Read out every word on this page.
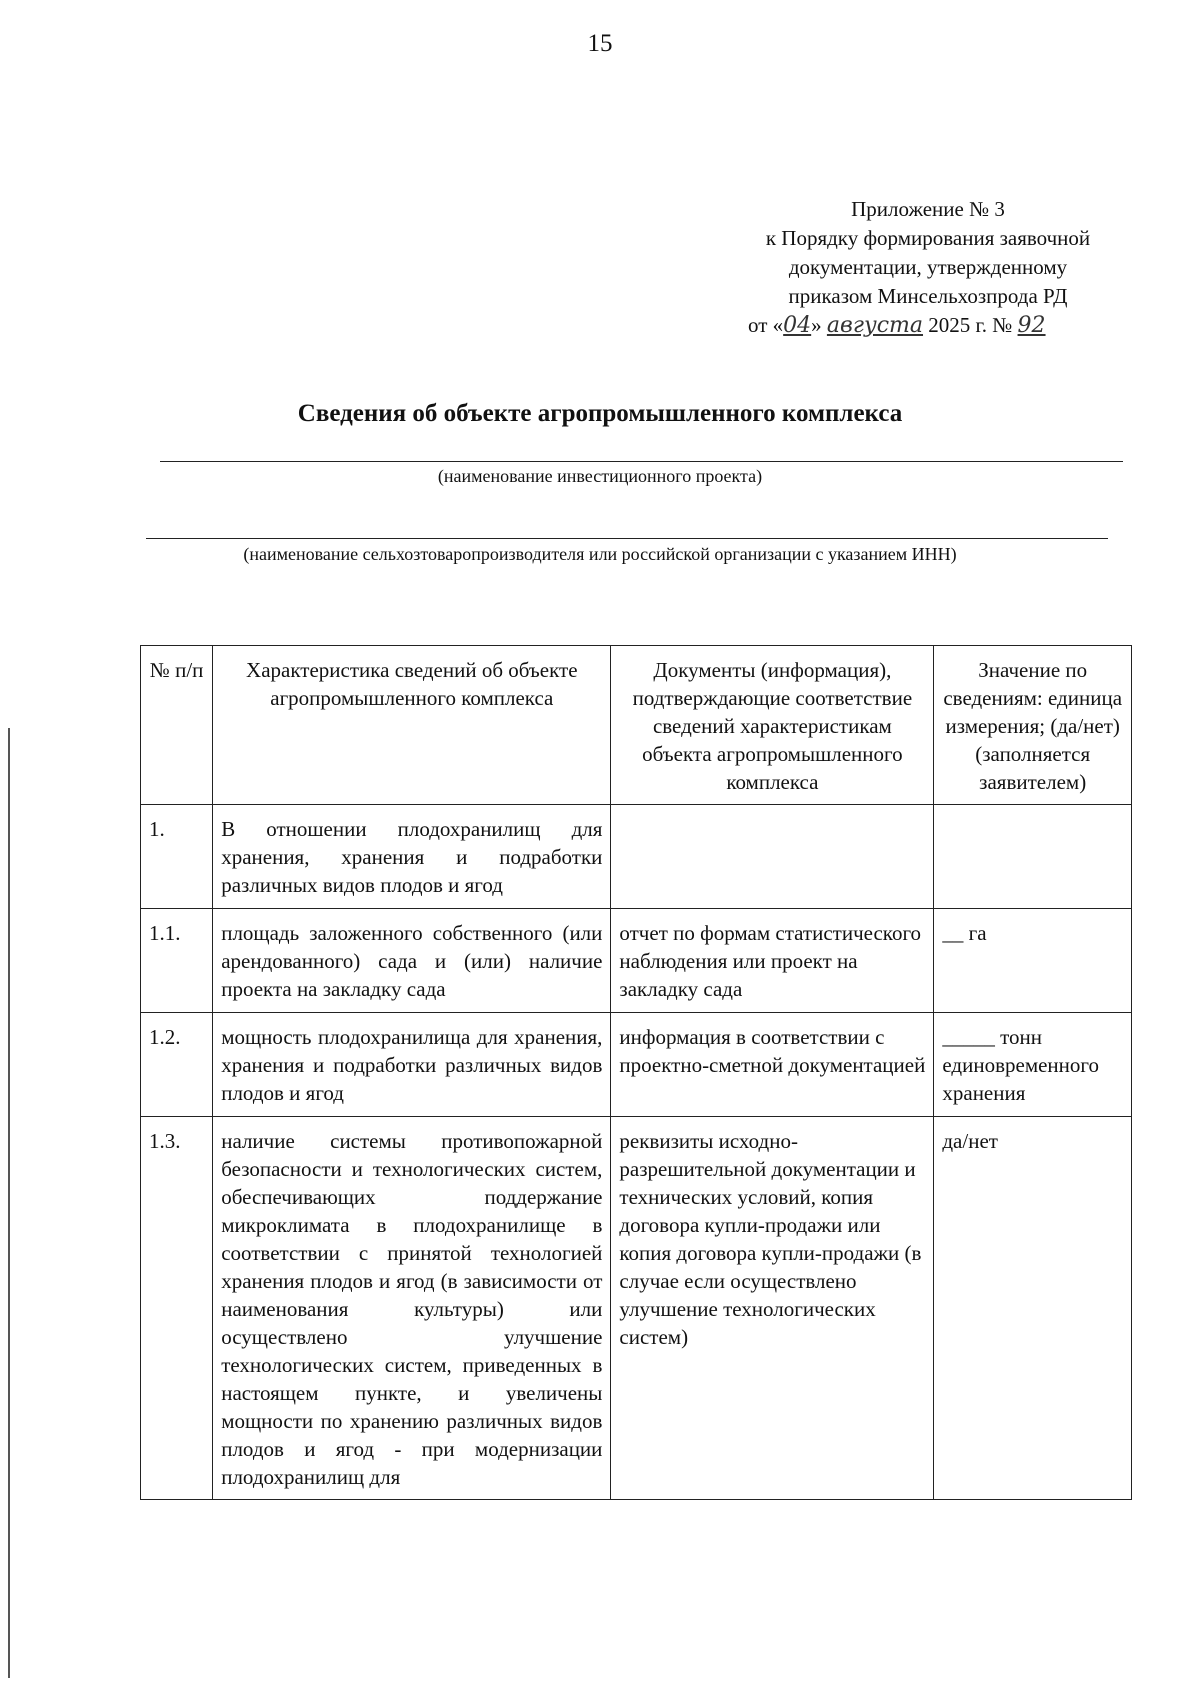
15
Приложение № 3
к Порядку формирования заявочной
документации, утвержденному
приказом Минсельхозпрода РД
от «04» августа 2025 г. № 92
Сведения об объекте агропромышленного комплекса
(наименование инвестиционного проекта)
(наименование сельхозтоваропроизводителя или российской организации с указанием ИНН)
№ п/п	Характеристика сведений об объекте агропромышленного комплекса	Документы (информация), подтверждающие соответствие сведений характеристикам объекта агропромышленного комплекса	Значение по сведениям: единица измерения; (да/нет) (заполняется заявителем)
1.	В отношении плодохранилищ для хранения, хранения и подработки различных видов плодов и ягод		
1.1.	площадь заложенного собственного (или арендованного) сада и (или) наличие проекта на закладку сада	отчет по формам статистического наблюдения или проект на закладку сада	__ га
1.2.	мощность плодохранилища для хранения, хранения и подработки различных видов плодов и ягод	информация в соответствии с проектно-сметной документацией	_____ тонн единовременного хранения
1.3.	наличие системы противопожарной безопасности и технологических систем, обеспечивающих поддержание микроклимата в плодохранилище в соответствии с принятой технологией хранения плодов и ягод (в зависимости от наименования культуры) или осуществлено улучшение технологических систем, приведенных в настоящем пункте, и увеличены мощности по хранению различных видов плодов и ягод - при модернизации плодохранилищ для	реквизиты исходно-разрешительной документации и технических условий, копия договора купли-продажи или копия договора купли-продажи (в случае если осуществлено улучшение технологических систем)	да/нет
